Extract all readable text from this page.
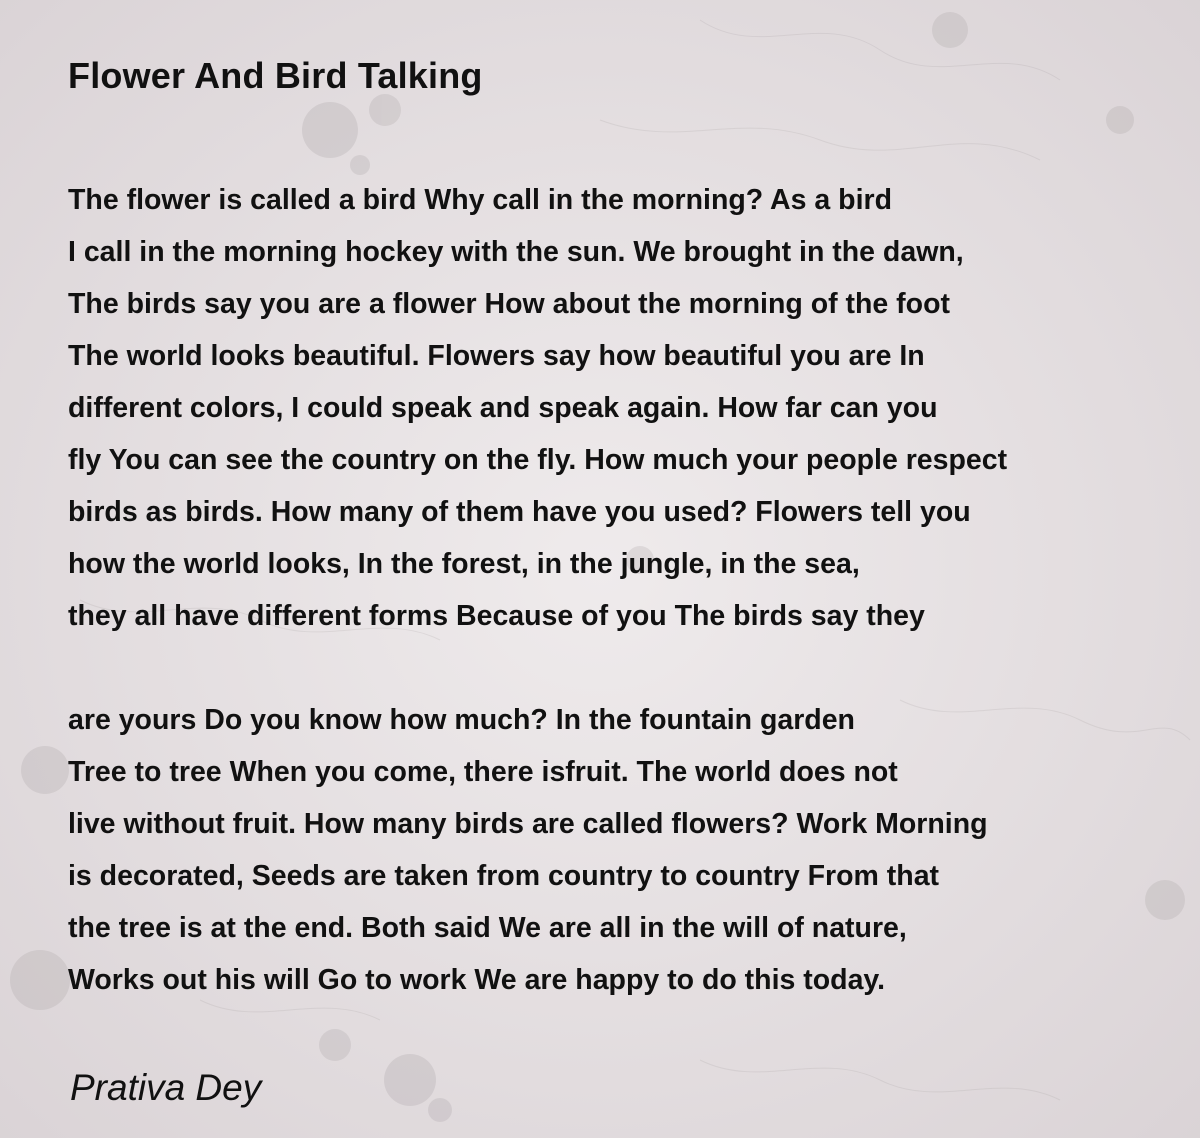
Flower And Bird Talking

The flower is called a bird Why call in the morning? As a bird
I call in the morning hockey with the sun. We brought in the dawn,
The birds say you are a flower How about the morning of the foot
The world looks beautiful. Flowers say how beautiful you are In
different colors, I could speak and speak again. How far can you
fly You can see the country on the fly. How much your people respect
birds as birds. How many of them have you used? Flowers tell you
how the world looks, In the forest, in the jungle, in the sea,
they all have different forms Because of you The birds say they

are yours Do you know how much? In the fountain garden
Tree to tree When you come, there isfruit. The world does not
live without fruit. How many birds are called flowers? Work Morning
is decorated, Seeds are taken from country to country From that
the tree is at the end. Both said We are all in the will of nature,
Works out his will Go to work We are happy to do this today.

Prativa Dey
